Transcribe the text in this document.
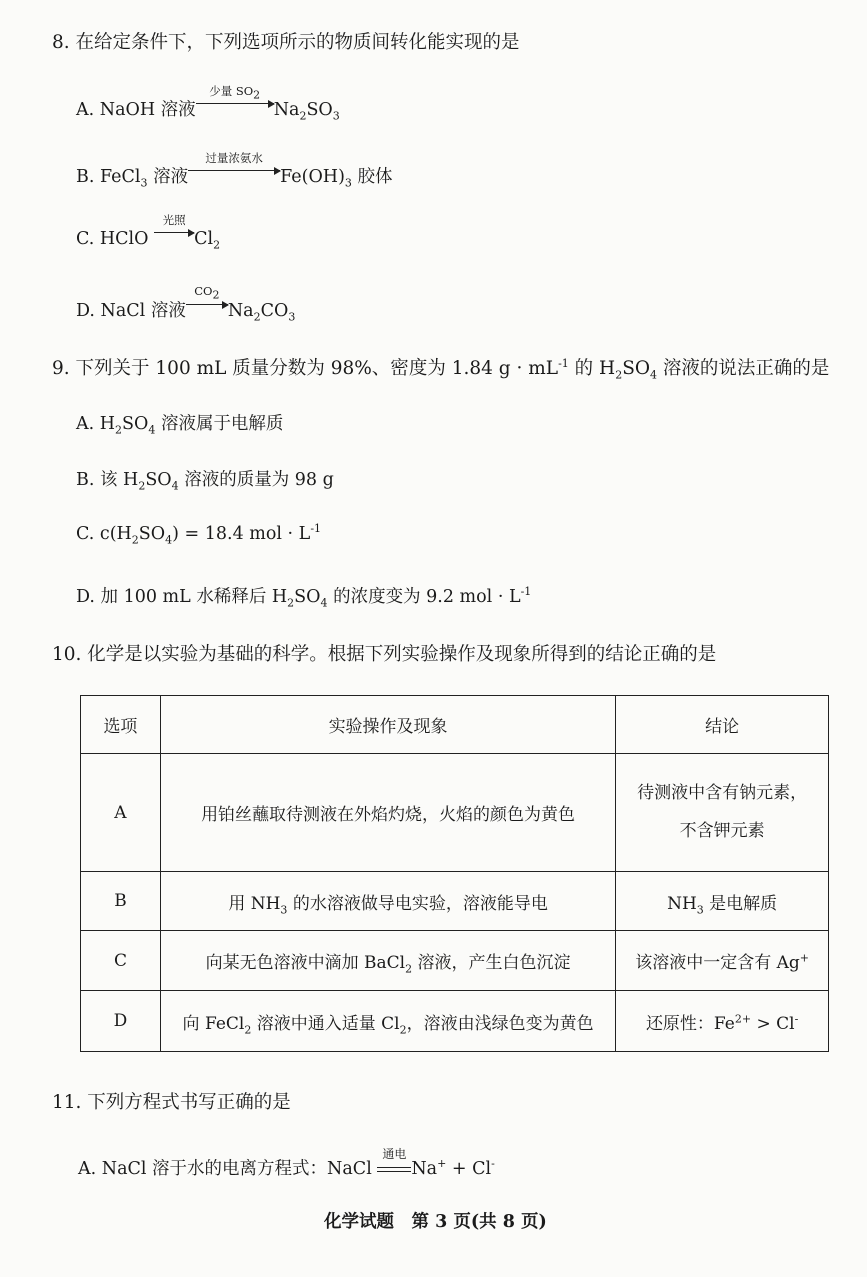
8. 在给定条件下，下列选项所示的物质间转化能实现的是
A. NaOH 溶液
少量 $SO_2$
$Na_2SO_3$
B. FeCl$_3$ 溶液
过量浓氨水
$Fe(OH)_3$ 胶体
C. HClO
光照
$Cl_2$
D. NaCl 溶液
$CO_2$
$Na_2CO_3$
9. 下列关于 100 mL 质量分数为 98%、密度为 1.84 $g \cdot mL^{-1}$ 的 $H_2SO_4$ 溶液的说法正确的是
A. $H_2SO_4$ 溶液属于电解质
B. 该 $H_2SO_4$ 溶液的质量为 98 g
C. $c(H_2SO_4) = 18.4$ mol · $L^{-1}$
D. 加 100 mL 水稀释后 $H_2SO_4$ 的浓度变为 9.2 mol · $L^{-1}$
10. 化学是以实验为基础的科学。根据下列实验操作及现象所得到的结论正确的是
选项	实验操作及现象	结论
A	用铂丝蘸取待测液在外焰灼烧，火焰的颜色为黄色	待测液中含有钠元素，
不含钾元素
B	用 $NH_3$ 的水溶液做导电实验，溶液能导电	$NH_3$ 是电解质
C	向某无色溶液中滴加 BaCl$_2$ 溶液，产生白色沉淀	该溶液中一定含有 Ag+
D	向 FeCl$_2$ 溶液中通入适量 $Cl_2$，溶液由浅绿色变为黄色	还原性：$Fe^{2+} > Cl^-$
11. 下列方程式书写正确的是
A. NaCl 溶于水的电离方程式：NaCl
通电
Na+ + Cl-
化学试题　第 3 页(共 8 页)
